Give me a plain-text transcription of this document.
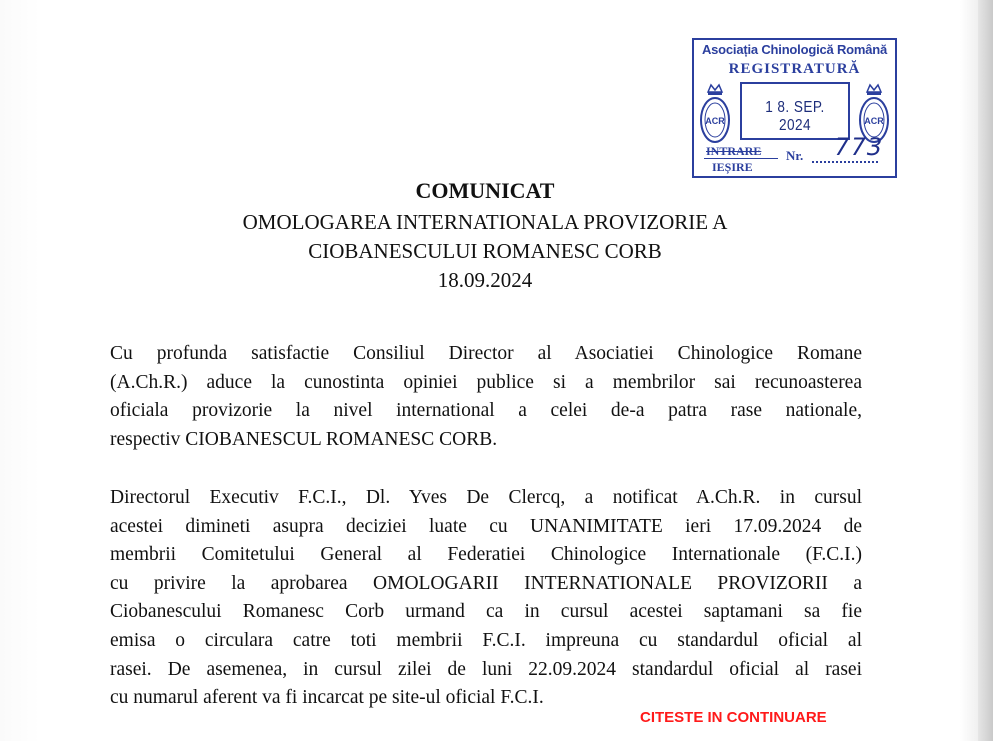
Asociația Chinologică Română
REGISTRATURĂ
ACR	ACR
1 8. SEP. 2024
INTRARE
IEȘIRE
Nr. 773
COMUNICAT
OMOLOGAREA INTERNATIONALA PROVIZORIE A
CIOBANESCULUI ROMANESC CORB
18.09.2024
Cu profunda satisfactie Consiliul Director al Asociatiei Chinologice Romane
(A.Ch.R.) aduce la cunostinta opiniei publice si a membrilor sai recunoasterea
oficiala provizorie la nivel international a celei de-a patra rase nationale,
respectiv CIOBANESCUL ROMANESC CORB.
Directorul Executiv F.C.I., Dl. Yves De Clercq, a notificat A.Ch.R. in cursul
acestei dimineti asupra deciziei luate cu UNANIMITATE ieri 17.09.2024 de
membrii Comitetului General al Federatiei Chinologice Internationale (F.C.I.)
cu privire la aprobarea OMOLOGARII INTERNATIONALE PROVIZORII a
Ciobanescului Romanesc Corb urmand ca in cursul acestei saptamani sa fie
emisa o circulara catre toti membrii F.C.I. impreuna cu standardul oficial al
rasei. De asemenea, in cursul zilei de luni 22.09.2024 standardul oficial al rasei
cu numarul aferent va fi incarcat pe site-ul oficial F.C.I.
CITESTE IN CONTINUARE
